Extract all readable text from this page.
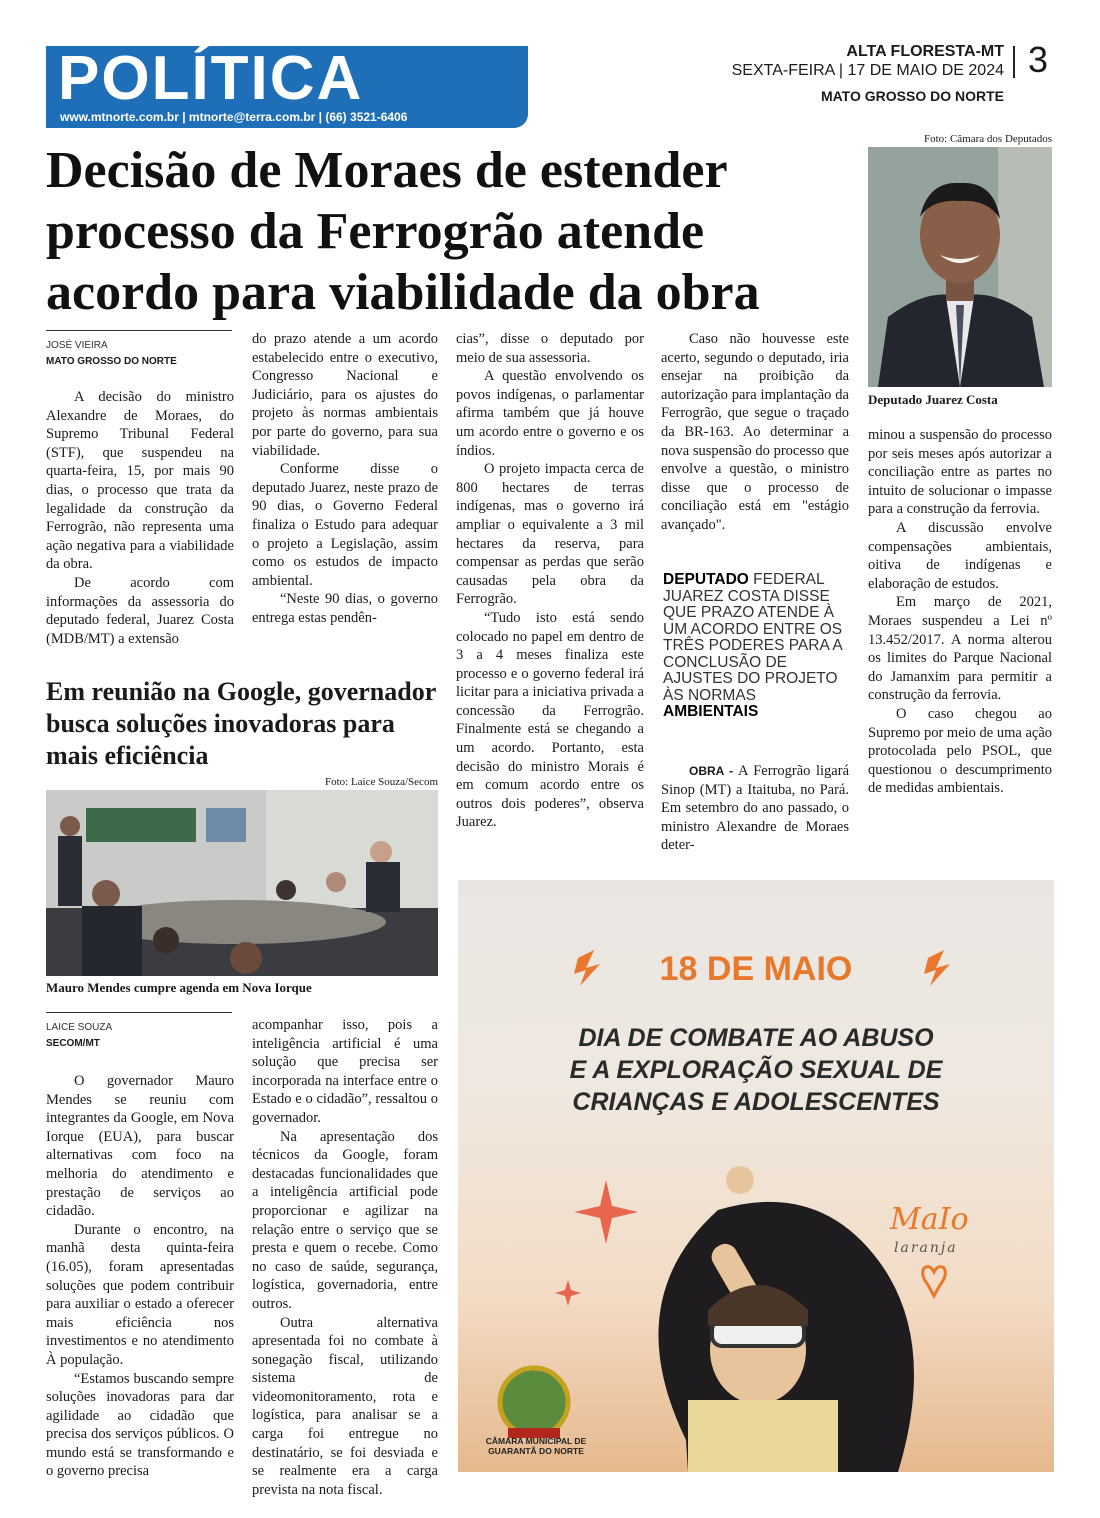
POLÍTICA
www.mtnorte.com.br | mtnorte@terra.com.br | (66) 3521-6406
ALTA FLORESTA-MT
SEXTA-FEIRA | 17 DE MAIO DE 2024 3
MATO GROSSO DO NORTE
Decisão de Moraes de estender processo da Ferrogrão atende acordo para viabilidade da obra
Foto: Câmara dos Deputados
Deputado Juarez Costa
JOSÉ VIEIRA
MATO GROSSO DO NORTE

A decisão do ministro Alexandre de Moraes, do Supremo Tribunal Federal (STF), que suspendeu na quarta-feira, 15, por mais 90 dias, o processo que trata da legalidade da construção da Ferrogrão, não representa uma ação negativa para a viabilidade da obra.

De acordo com informações da assessoria do deputado federal, Juarez Costa (MDB/MT) a extensão

do prazo atende a um acordo estabelecido entre o executivo, Congresso Nacional e Judiciário, para os ajustes do projeto às normas ambientais por parte do governo, para sua viabilidade.

Conforme disse o deputado Juarez, neste prazo de 90 dias, o Governo Federal finaliza o Estudo para adequar o projeto a Legislação, assim como os estudos de impacto ambiental.

“Neste 90 dias, o governo entrega estas pendên-

cias”, disse o deputado por meio de sua assessoria.

A questão envolvendo os povos indígenas, o parlamentar afirma também que já houve um acordo entre o governo e os índios.

O projeto impacta cerca de 800 hectares de terras indígenas, mas o governo irá ampliar o equivalente a 3 mil hectares da reserva, para compensar as perdas que serão causadas pela obra da Ferrogrão.

“Tudo isto está sendo colocado no papel em dentro de 3 a 4 meses finaliza este processo e o governo federal irá licitar para a iniciativa privada a concessão da Ferrogrão. Finalmente está se chegando a um acordo. Portanto, esta decisão do ministro Morais é em comum acordo entre os outros dois poderes”, observa Juarez.

Caso não houvesse este acerto, segundo o deputado, iria ensejar na proibição da autorização para implantação da Ferrogrão, que segue o traçado da BR-163. Ao determinar a nova suspensão do processo que envolve a questão, o ministro disse que o processo de conciliação está em "estágio avançado".

DEPUTADO FEDERAL JUAREZ COSTA DISSE QUE PRAZO ATENDE À UM ACORDO ENTRE OS TRÊS PODERES PARA A CONCLUSÃO DE AJUSTES DO PROJETO ÀS NORMAS AMBIENTAIS

OBRA - A Ferrogrão ligará Sinop (MT) a Itaituba, no Pará. Em setembro do ano passado, o ministro Alexandre de Moraes deter-

minou a suspensão do processo por seis meses após autorizar a conciliação entre as partes no intuito de solucionar o impasse para a construção da ferrovia.

A discussão envolve compensações ambientais, oitiva de indígenas e elaboração de estudos.

Em março de 2021, Moraes suspendeu a Lei nº 13.452/2017. A norma alterou os limites do Parque Nacional do Jamanxim para permitir a construção da ferrovia.

O caso chegou ao Supremo por meio de uma ação protocolada pelo PSOL, que questionou o descumprimento de medidas ambientais.

Em reunião na Google, governador busca soluções inovadoras para mais eficiência
Foto: Laice Souza/Secom
Mauro Mendes cumpre agenda em Nova Iorque
LAICE SOUZA
SECOM/MT

O governador Mauro Mendes se reuniu com integrantes da Google, em Nova Iorque (EUA), para buscar alternativas com foco na melhoria do atendimento e prestação de serviços ao cidadão.

Durante o encontro, na manhã desta quinta-feira (16.05), foram apresentadas soluções que podem contribuir para auxiliar o estado a oferecer mais eficiência nos investimentos e no atendimento À população.

“Estamos buscando sempre soluções inovadoras para dar agilidade ao cidadão que precisa dos serviços públicos. O mundo está se transformando e o governo precisa

acompanhar isso, pois a inteligência artificial é uma solução que precisa ser incorporada na interface entre o Estado e o cidadão”, ressaltou o governador.

Na apresentação dos técnicos da Google, foram destacadas funcionalidades que a inteligência artificial pode proporcionar e agilizar na relação entre o serviço que se presta e quem o recebe. Como no caso de saúde, segurança, logística, governadoria, entre outros.

Outra alternativa apresentada foi no combate à sonegação fiscal, utilizando sistema de videomonitoramento, rota e logística, para analisar se a carga foi entregue no destinatário, se foi desviada e se realmente era a carga prevista na nota fiscal.

18 DE MAIO
DIA DE COMBATE AO ABUSO
E A EXPLORAÇÃO SEXUAL DE
CRIANÇAS E ADOLESCENTES
MaIo
laranja
CÂMARA MUNICIPAL DE GUARANTÃ DO NORTE
